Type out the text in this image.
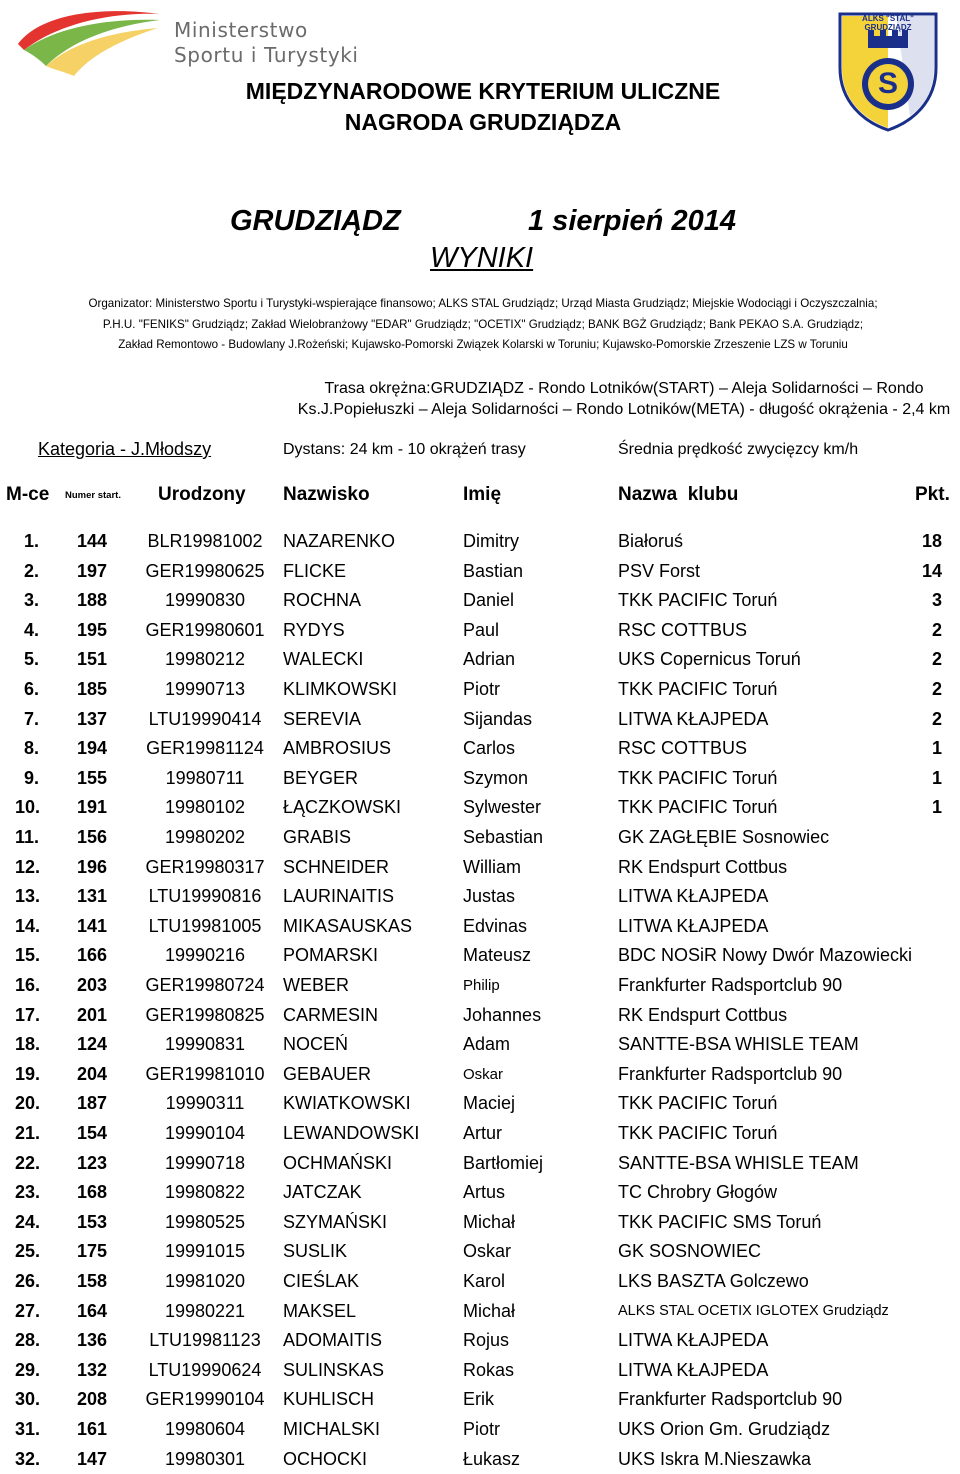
Ministerstwo
Sportu i Turystyki
ALKS "STAL"
GRUDZIĄDZ
S
MIĘDZYNARODOWE KRYTERIUM ULICZNE
NAGRODA GRUDZIĄDZA
GRUDZIĄDZ	1 sierpień 2014
WYNIKI
Organizator: Ministerstwo Sportu i Turystyki-wspierające finansowo; ALKS STAL Grudziądz; Urząd Miasta Grudziądz; Miejskie Wodociągi i Oczyszczalnia;
P.H.U. "FENIKS" Grudziądz; Zakład Wielobranżowy "EDAR" Grudziądz; "OCETIX" Grudziądz; BANK BGŻ Grudziądz; Bank PEKAO S.A. Grudziądz;
Zakład Remontowo - Budowlany J.Rożeński; Kujawsko-Pomorski Związek Kolarski w Toruniu; Kujawsko-Pomorskie Zrzeszenie LZS w Toruniu
Trasa okrężna:GRUDZIĄDZ - Rondo Lotników(START) – Aleja Solidarności – Rondo
Ks.J.Popiełuszki – Aleja Solidarności – Rondo Lotników(META) - długość okrążenia - 2,4 km
Kategoria - J.Młodszy	Dystans: 24 km - 10 okrążeń trasy	Średnia prędkość zwycięzcy km/h
M-ce Numer start. Urodzony Nazwisko	Imię	Nazwa  klubu	Pkt.
1. 144	BLR19981002	NAZARENKO	Dimitry	Białoruś	18
2. 197	GER19980625	FLICKE	Bastian	PSV Forst	14
3. 188	19990830	ROCHNA	Daniel	TKK PACIFIC Toruń	3
4. 195	GER19980601	RYDYS	Paul	RSC COTTBUS	2
5. 151	19980212	WALECKI	Adrian	UKS Copernicus Toruń	2
6. 185	19990713	KLIMKOWSKI	Piotr	TKK PACIFIC Toruń	2
7. 137	LTU19990414	SEREVIA	Sijandas	LITWA KŁAJPEDA	2
8. 194	GER19981124	AMBROSIUS	Carlos	RSC COTTBUS	1
9. 155	19980711	BEYGER	Szymon	TKK PACIFIC Toruń	1
10. 191	19980102	ŁĄCZKOWSKI	Sylwester	TKK PACIFIC Toruń	1
11. 156	19980202	GRABIS	Sebastian	GK ZAGŁĘBIE Sosnowiec
12. 196	GER19980317	SCHNEIDER	William	RK Endspurt Cottbus
13. 131	LTU19990816	LAURINAITIS	Justas	LITWA KŁAJPEDA
14. 141	LTU19981005	MIKASAUSKAS	Edvinas	LITWA KŁAJPEDA
15. 166	19990216	POMARSKI	Mateusz	BDC NOSiR Nowy Dwór Mazowiecki
16. 203	GER19980724	WEBER	Philip	Frankfurter Radsportclub 90
17. 201	GER19980825	CARMESIN	Johannes	RK Endspurt Cottbus
18. 124	19990831	NOCEŃ	Adam	SANTTE-BSA WHISLE TEAM
19. 204	GER19981010	GEBAUER	Oskar	Frankfurter Radsportclub 90
20. 187	19990311	KWIATKOWSKI	Maciej	TKK PACIFIC Toruń
21. 154	19990104	LEWANDOWSKI Artur	TKK PACIFIC Toruń
22. 123	19990718	OCHMAŃSKI	Bartłomiej	SANTTE-BSA WHISLE TEAM
23. 168	19980822	JATCZAK	Artus	TC Chrobry Głogów
24. 153	19980525	SZYMAŃSKI	Michał	TKK PACIFIC SMS Toruń
25. 175	19991015	SUSLIK	Oskar	GK SOSNOWIEC
26. 158	19981020	CIEŚLAK	Karol	LKS BASZTA Golczewo
27. 164	19980221	MAKSEL	Michał	ALKS STAL OCETIX IGLOTEX Grudziądz
28. 136	LTU19981123	ADOMAITIS	Rojus	LITWA KŁAJPEDA
29. 132	LTU19990624	SULINSKAS	Rokas	LITWA KŁAJPEDA
30. 208	GER19990104	KUHLISCH	Erik	Frankfurter Radsportclub 90
31. 161	19980604	MICHALSKI	Piotr	UKS Orion Gm. Grudziądz
32. 147	19980301	OCHOCKI	Łukasz	UKS Iskra M.Nieszawka
